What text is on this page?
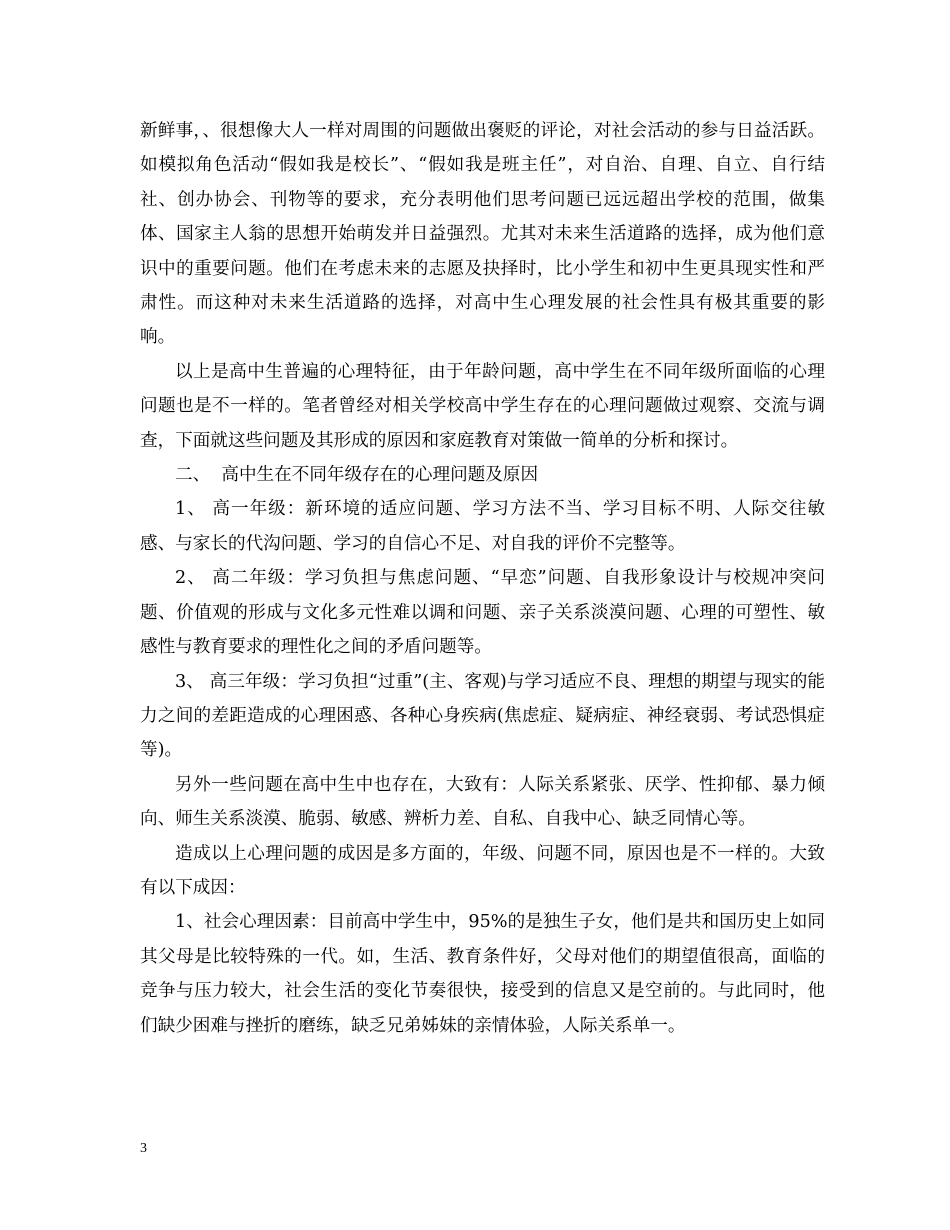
新鲜事，、很想像大人一样对周围的问题做出褒贬的评论，对社会活动的参与日益活跃。如模拟角色活动“假如我是校长”、“假如我是班主任”，对自治、自理、自立、自行结社、创办协会、刊物等的要求，充分表明他们思考问题已远远超出学校的范围，做集体、国家主人翁的思想开始萌发并日益强烈。尤其对未来生活道路的选择，成为他们意识中的重要问题。他们在考虑未来的志愿及抉择时，比小学生和初中生更具现实性和严肃性。而这种对未来生活道路的选择，对高中生心理发展的社会性具有极其重要的影响。

以上是高中生普遍的心理特征，由于年龄问题，高中学生在不同年级所面临的心理问题也是不一样的。笔者曾经对相关学校高中学生存在的心理问题做过观察、交流与调查，下面就这些问题及其形成的原因和家庭教育对策做一简单的分析和探讨。

二、  高中生在不同年级存在的心理问题及原因

1、 高一年级：新环境的适应问题、学习方法不当、学习目标不明、人际交往敏感、与家长的代沟问题、学习的自信心不足、对自我的评价不完整等。

2、 高二年级：学习负担与焦虑问题、“早恋”问题、自我形象设计与校规冲突问题、价值观的形成与文化多元性难以调和问题、亲子关系淡漠问题、心理的可塑性、敏感性与教育要求的理性化之间的矛盾问题等。

3、 高三年级：学习负担“过重”(主、客观)与学习适应不良、理想的期望与现实的能力之间的差距造成的心理困惑、各种心身疾病(焦虑症、疑病症、神经衰弱、考试恐惧症等)。

另外一些问题在高中生中也存在，大致有：人际关系紧张、厌学、性抑郁、暴力倾向、师生关系淡漠、脆弱、敏感、辨析力差、自私、自我中心、缺乏同情心等。

造成以上心理问题的成因是多方面的，年级、问题不同，原因也是不一样的。大致有以下成因：

1、社会心理因素：目前高中学生中，95%的是独生子女，他们是共和国历史上如同其父母是比较特殊的一代。如，生活、教育条件好，父母对他们的期望值很高，面临的竞争与压力较大，社会生活的变化节奏很快，接受到的信息又是空前的。与此同时，他们缺少困难与挫折的磨练，缺乏兄弟姊妹的亲情体验，人际关系单一。

3
